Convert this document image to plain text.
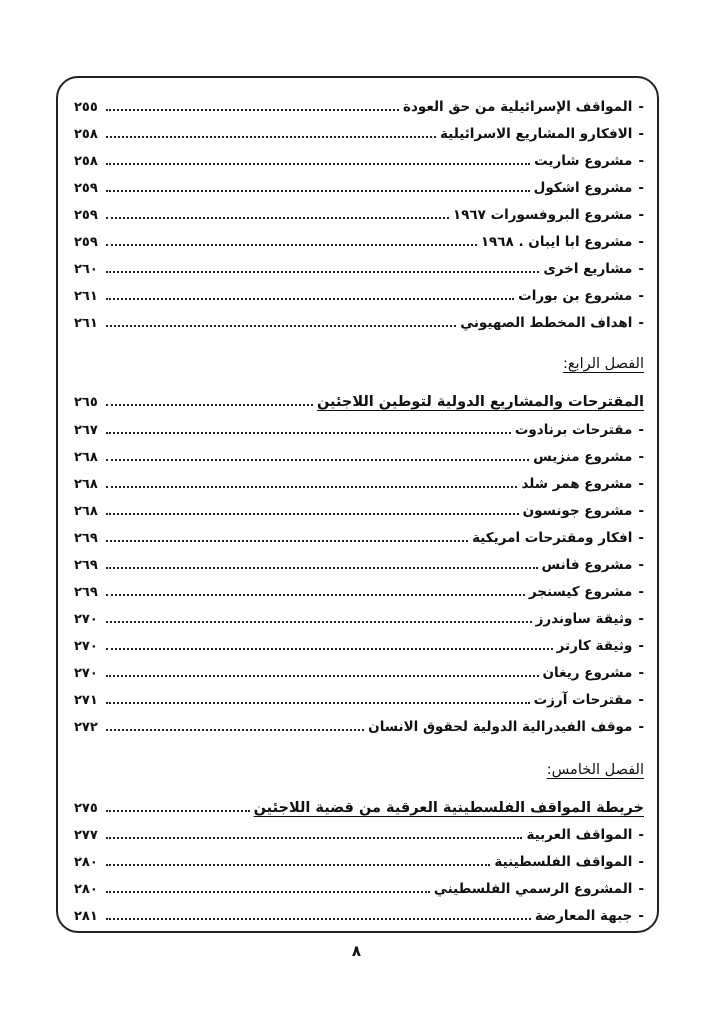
-
المواقف الإسرائيلية من حق العودة
٢٥٥
-
الافكارو المشاريع الاسرائيلية
٢٥٨
-
مشروع شاريت
٢٥٨
-
مشروع اشكول
٢٥٩
-
مشروع البروفسورات ١٩٦٧
٢٥٩
-
مشروع ابا ايبان . ١٩٦٨
٢٥٩
-
مشاريع اخرى
٢٦٠
-
مشروع بن بورات
٢٦١
-
اهداف المخطط الصهيوني
٢٦١
الفصل الرابع:
المقترحات والمشاريع الدولية لتوطين اللاجئين
٢٦٥
-
مقترحات برنادوت
٢٦٧
-
مشروع منزيس
٢٦٨
-
مشروع همر شلد
٢٦٨
-
مشروع جونسون
٢٦٨
-
افكار ومقترحات امريكية
٢٦٩
-
مشروع فانس
٢٦٩
-
مشروع كيسنجر
٢٦٩
-
وثيقة ساوندرز
٢٧٠
-
وثيقة كارتر
٢٧٠
-
مشروع ريغان
٢٧٠
-
مقترحات آرزت
٢٧١
-
موقف الفيدرالية الدولية لحقوق الانسان
٢٧٢
الفصل الخامس:
خريطة المواقف الفلسطينية العرقية من قضية اللاجئين
٢٧٥
-
المواقف العربية
٢٧٧
-
المواقف الفلسطينية
٢٨٠
-
المشروع الرسمي الفلسطيني
٢٨٠
-
جبهة المعارضة
٢٨١
٨
